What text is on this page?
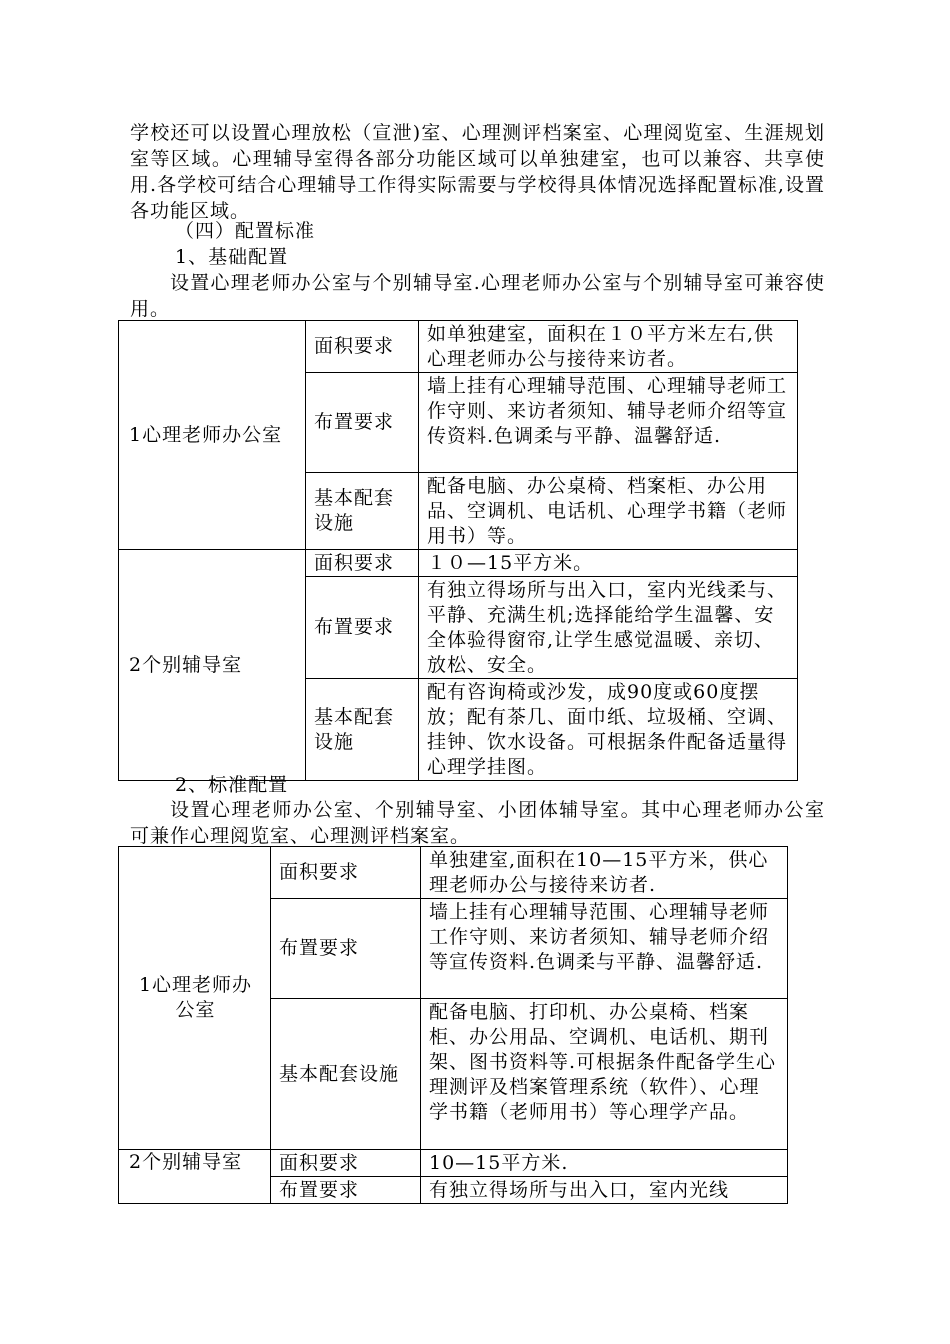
学校还可以设置心理放松（宣泄)室、心理测评档案室、心理阅览室、生涯规划室等区域。心理辅导室得各部分功能区域可以单独建室，也可以兼容、共享使用.各学校可结合心理辅导工作得实际需要与学校得具体情况选择配置标准,设置各功能区域。

（四）配置标准

1、基础配置

设置心理老师办公室与个别辅导室.心理老师办公室与个别辅导室可兼容使用。

1心理老师办公室	面积要求	如单独建室，面积在１０平方米左右,供心理老师办公与接待来访者。
	布置要求	墙上挂有心理辅导范围、心理辅导老师工作守则、来访者须知、辅导老师介绍等宣传资料.色调柔与平静、温馨舒适.
	基本配套设施	配备电脑、办公桌椅、档案柜、办公用品、空调机、电话机、心理学书籍（老师用书）等。
2个别辅导室	面积要求	１０—15平方米。
	布置要求	有独立得场所与出入口，室内光线柔与、平静、充满生机;选择能给学生温馨、安全体验得窗帘,让学生感觉温暖、亲切、放松、安全。
	基本配套设施	配有咨询椅或沙发，成90度或60度摆放；配有茶几、面巾纸、垃圾桶、空调、挂钟、饮水设备。可根据条件配备适量得心理学挂图。

2、标准配置

设置心理老师办公室、个别辅导室、小团体辅导室。其中心理老师办公室可兼作心理阅览室、心理测评档案室。

1心理老师办公室	面积要求	单独建室,面积在10—15平方米，供心理老师办公与接待来访者.
	布置要求	墙上挂有心理辅导范围、心理辅导老师工作守则、来访者须知、辅导老师介绍等宣传资料.色调柔与平静、温馨舒适.
	基本配套设施	配备电脑、打印机、办公桌椅、档案柜、办公用品、空调机、电话机、期刊架、图书资料等.可根据条件配备学生心理测评及档案管理系统（软件）、心理学书籍（老师用书）等心理学产品。
2个别辅导室	面积要求	10—15平方米.
	布置要求	有独立得场所与出入口，室内光线
